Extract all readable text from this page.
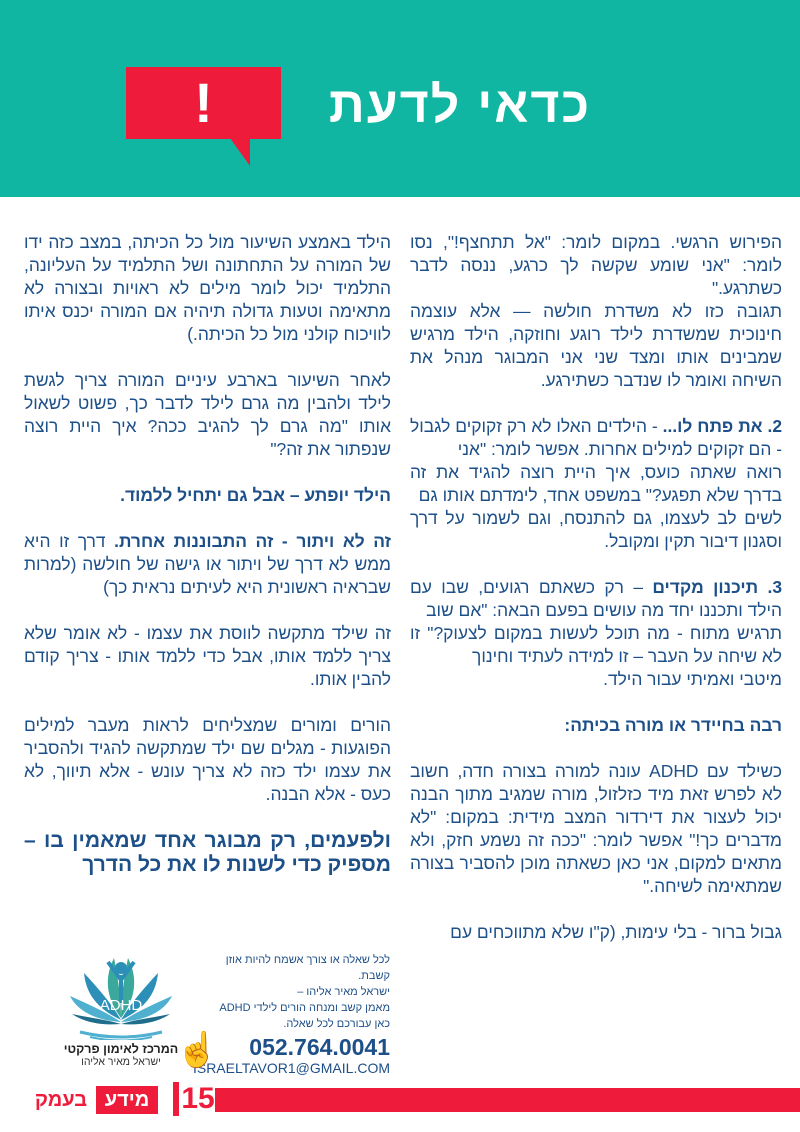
!	כדאי לדעת

הפירוש הרגשי. במקום לומר: "אל תתחצף!", נסו לומר: "אני שומע שקשה לך כרגע, ננסה לדבר כשתרגע."

תגובה כזו לא משדרת חולשה — אלא עוצמה חינוכית שמשדרת לילד רוגע וחוזקה, הילד מרגיש שמבינים אותו ומצד שני אני המבוגר מנהל את השיחה ואומר לו שנדבר כשתירגע.

2. את פתח לו... - הילדים האלו לא רק זקוקים לגבול - הם זקוקים למילים אחרות. אפשר לומר: "אני

רואה שאתה כועס, איך היית רוצה להגיד את זה בדרך שלא תפגע?" במשפט אחד, לימדתם אותו גם

לשים לב לעצמו, גם להתנסח, וגם לשמור על דרך וסגנון דיבור תקין ומקובל.

3. תיכנון מקדים – רק כשאתם רגועים, שבו עם הילד ותכננו יחד מה עושים בפעם הבאה: "אם שוב

תרגיש מתוח - מה תוכל לעשות במקום לצעוק?" זו לא שיחה על העבר – זו למידה לעתיד וחינוך

מיטבי ואמיתי עבור הילד.

רבה בחיידר או מורה בכיתה:

כשילד עם ADHD עונה למורה בצורה חדה, חשוב לא לפרש זאת מיד כזלזול, מורה שמגיב מתוך הבנה יכול לעצור את דירדור המצב מידית: במקום: "לא מדברים כך!" אפשר לומר: "ככה זה נשמע חזק, ולא מתאים למקום, אני כאן כשאתה מוכן להסביר בצורה שמתאימה לשיחה."

גבול ברור - בלי עימות, (ק"ו שלא מתווכחים עם

הילד באמצע השיעור מול כל הכיתה, במצב כזה ידו של המורה על התחתונה ושל התלמיד על העליונה, התלמיד יכול לומר מילים לא ראויות ובצורה לא מתאימה וטעות גדולה תיהיה אם המורה יכנס איתו לוויכוח קולני מול כל הכיתה.)

לאחר השיעור בארבע עיניים המורה צריך לגשת לילד ולהבין מה גרם לילד לדבר כך, פשוט לשאול אותו "מה גרם לך להגיב ככה? איך היית רוצה שנפתור את זה?"

הילד יופתע – אבל גם יתחיל ללמוד.

זה לא ויתור - זה התבוננות אחרת. דרך זו היא ממש לא דרך של ויתור או גישה של חולשה (למרות שבראיה ראשונית היא לעיתים נראית כך)

זה שילד מתקשה לווסת את עצמו - לא אומר שלא צריך ללמד אותו, אבל כדי ללמד אותו - צריך קודם להבין אותו.

הורים ומורים שמצליחים לראות מעבר למילים הפוגעות - מגלים שם ילד שמתקשה להגיד ולהסביר את עצמו ילד כזה לא צריך עונש - אלא תיווך, לא כעס - אלא הבנה.

ולפעמים, רק מבוגר אחד שמאמין בו – מספיק כדי לשנות לו את כל הדרך

ADHD
המרכז לאימון פרקטי
ישראל מאיר אליהו
לכל שאלה או צורך אשמח להיות אוזן קשבת.
ישראל מאיר אליהו –
מאמן קשב ומנחה הורים לילדי ADHD
כאן עבורכם לכל שאלה.
052.764.0041
ISRAELTAVOR1@GMAIL.COM
☝
15
מידע
בעמק
